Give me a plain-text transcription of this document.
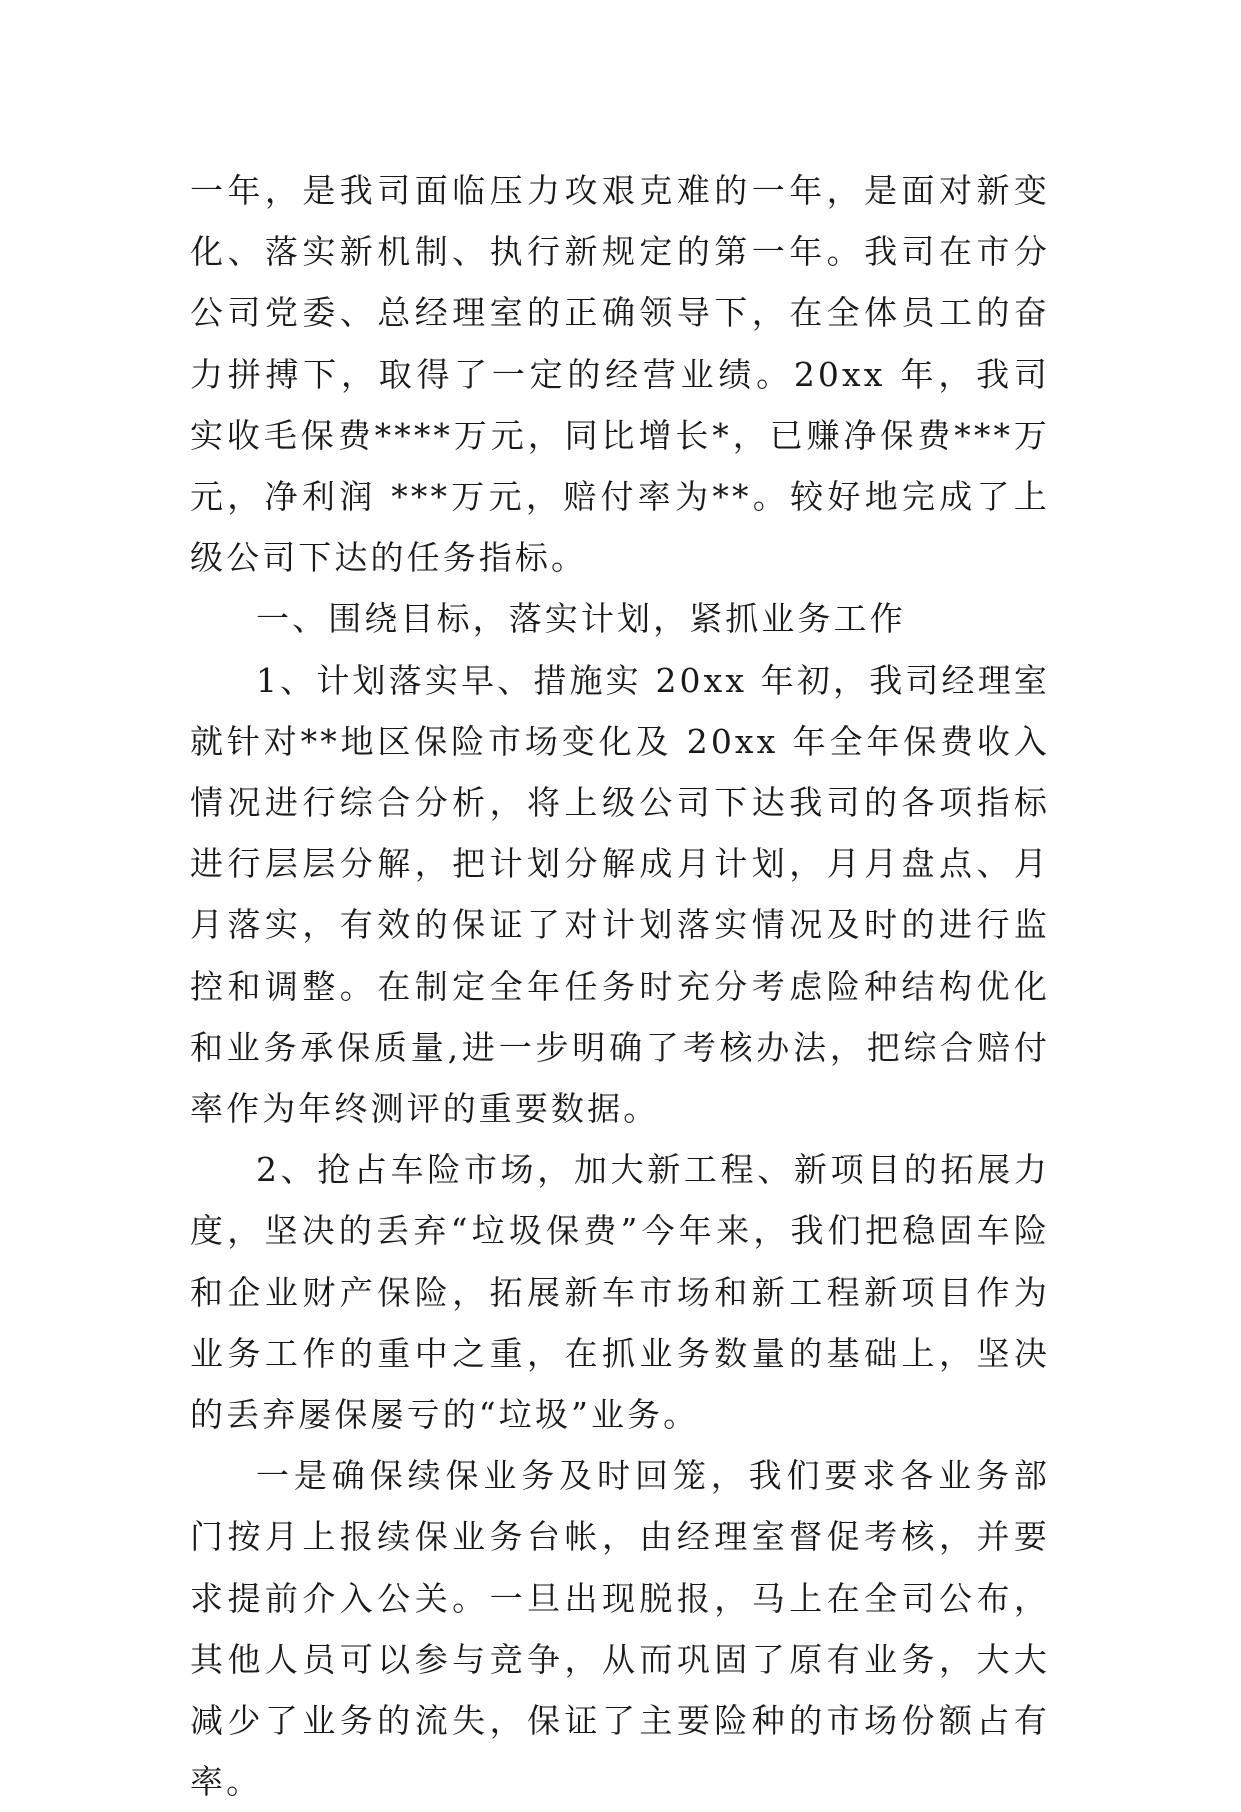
一年，是我司面临压力攻艰克难的一年，是面对新变化、落实新机制、执行新规定的第一年。我司在市分公司党委、总经理室的正确领导下，在全体员工的奋力拼搏下，取得了一定的经营业绩。20xx 年，我司实收毛保费****万元，同比增长*，已赚净保费***万元，净利润 ***万元，赔付率为**。较好地完成了上级公司下达的任务指标。

一、围绕目标，落实计划，紧抓业务工作

1、计划落实早、措施实 20xx 年初，我司经理室就针对**地区保险市场变化及 20xx 年全年保费收入情况进行综合分析，将上级公司下达我司的各项指标进行层层分解，把计划分解成月计划，月月盘点、月月落实，有效的保证了对计划落实情况及时的进行监控和调整。在制定全年任务时充分考虑险种结构优化和业务承保质量,进一步明确了考核办法，把综合赔付率作为年终测评的重要数据。

2、抢占车险市场，加大新工程、新项目的拓展力度，坚决的丢弃“垃圾保费”今年来，我们把稳固车险和企业财产保险，拓展新车市场和新工程新项目作为业务工作的重中之重，在抓业务数量的基础上，坚决的丢弃屡保屡亏的“垃圾”业务。

一是确保续保业务及时回笼，我们要求各业务部门按月上报续保业务台帐，由经理室督促考核，并要求提前介入公关。一旦出现脱报，马上在全司公布，其他人员可以参与竞争，从而巩固了原有业务，大大减少了业务的流失，保证了主要险种的市场份额占有率。
